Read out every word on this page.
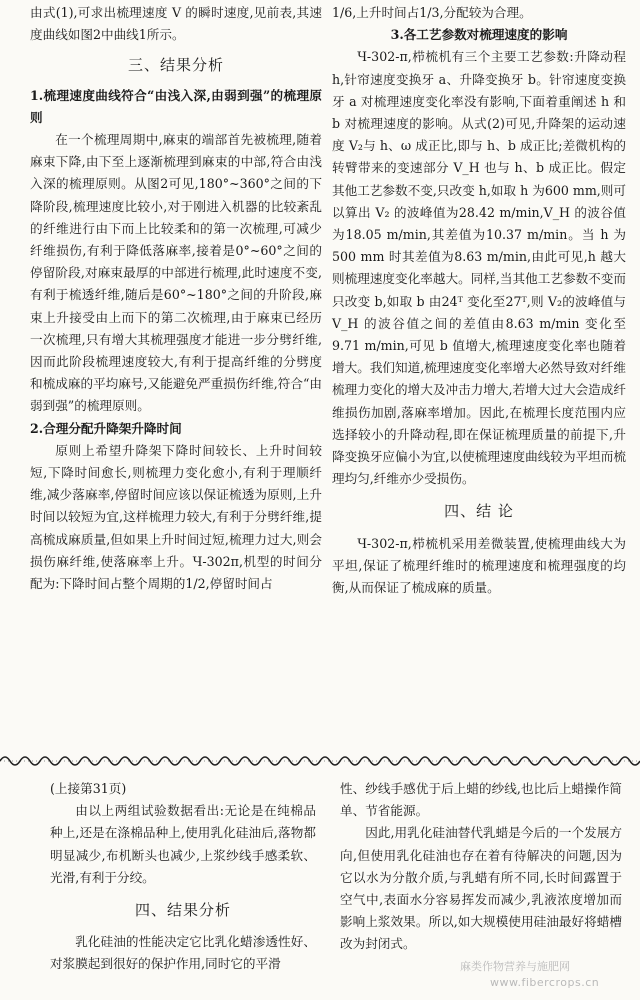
由式(1),可求出梳理速度 V 的瞬时速度,见前表,其速度曲线如图2中曲线1所示。

三、结果分析
1.梳理速度曲线符合“由浅入深,由弱到强”的梳理原则

在一个梳理周期中,麻束的端部首先被梳理,随着麻束下降,由下至上逐渐梳理到麻束的中部,符合由浅入深的梳理原则。从图2可见,180°~360°之间的下降阶段,梳理速度比较小,对于刚进入机器的比较紊乱的纤维进行由下而上比较柔和的第一次梳理,可减少纤维损伤,有利于降低落麻率,接着是0°~60°之间的停留阶段,对麻束最厚的中部进行梳理,此时速度不变,有利于梳透纤维,随后是60°~180°之间的升阶段,麻束上升接受由上而下的第二次梳理,由于麻束已经历一次梳理,只有增大其梳理强度才能进一步分劈纤维,因而此阶段梳理速度较大,有利于提高纤维的分劈度和梳成麻的平均麻号,又能避免严重损伤纤维,符合“由弱到强”的梳理原则。

2.合理分配升降架升降时间

原则上希望升降架下降时间较长、上升时间较短,下降时间愈长,则梳理力变化愈小,有利于理顺纤维,减少落麻率,停留时间应该以保证梳透为原则,上升时间以较短为宜,这样梳理力较大,有利于分劈纤维,提高梳成麻质量,但如果上升时间过短,梳理力过大,则会损伤麻纤维,使落麻率上升。Ч-302π,机型的时间分配为:下降时间占整个周期的1/2,停留时间占

1/6,上升时间占1/3,分配较为合理。

3.各工艺参数对梳理速度的影响

Ч-302-π,栉梳机有三个主要工艺参数:升降动程 h,针帘速度变换牙 a、升降变换牙 b。针帘速度变换牙 a 对梳理速度变化率没有影响,下面着重阐述 h 和 b 对梳理速度的影响。从式(2)可见,升降架的运动速度 V₂与 h、ω 成正比,即与 h、b 成正比;差微机构的转臂带来的变速部分 V_H 也与 h、b 成正比。假定其他工艺参数不变,只改变 h,如取 h 为600 mm,则可以算出 V₂ 的波峰值为28.42 m/min,V_H 的波谷值为18.05 m/min,其差值为10.37 m/min。当 h 为500 mm 时其差值为8.63 m/min,由此可见,h 越大则梳理速度变化率越大。同样,当其他工艺参数不变而只改变 b,如取 b 由24ᵀ 变化至27ᵀ,则 V₂的波峰值与 V_H 的波谷值之间的差值由8.63 m/min 变化至9.71 m/min,可见 b 值增大,梳理速度变化率也随着增大。我们知道,梳理速度变化率增大必然导致对纤维梳理力变化的增大及冲击力增大,若增大过大会造成纤维损伤加剧,落麻率增加。因此,在梳理长度范围内应选择较小的升降动程,即在保证梳理质量的前提下,升降变换牙应偏小为宜,以使梳理速度曲线较为平坦而梳理均匀,纤维亦少受损伤。

四、结 论

Ч-302-π,栉梳机采用差微装置,使梳理曲线大为平坦,保证了梳理纤维时的梳理速度和梳理强度的均衡,从而保证了梳成麻的质量。

(上接第31页)

由以上两组试验数据看出:无论是在纯棉品种上,还是在涤棉品种上,使用乳化硅油后,落物都明显减少,布机断头也减少,上浆纱线手感柔软、光滑,有利于分绞。

四、结果分析

乳化硅油的性能决定它比乳化蜡渗透性好、对浆膜起到很好的保护作用,同时它的平滑

性、纱线手感优于后上蜡的纱线,也比后上蜡操作简单、节省能源。

因此,用乳化硅油替代乳蜡是今后的一个发展方向,但使用乳化硅油也存在着有待解决的问题,因为它以水为分散介质,与乳蜡有所不同,长时间露置于空气中,表面水分容易挥发而减少,乳液浓度增加而影响上浆效果。所以,如大规模使用硅油最好将蜡槽改为封闭式。

麻类作物营养与施肥网
www.fibercrops.cn
